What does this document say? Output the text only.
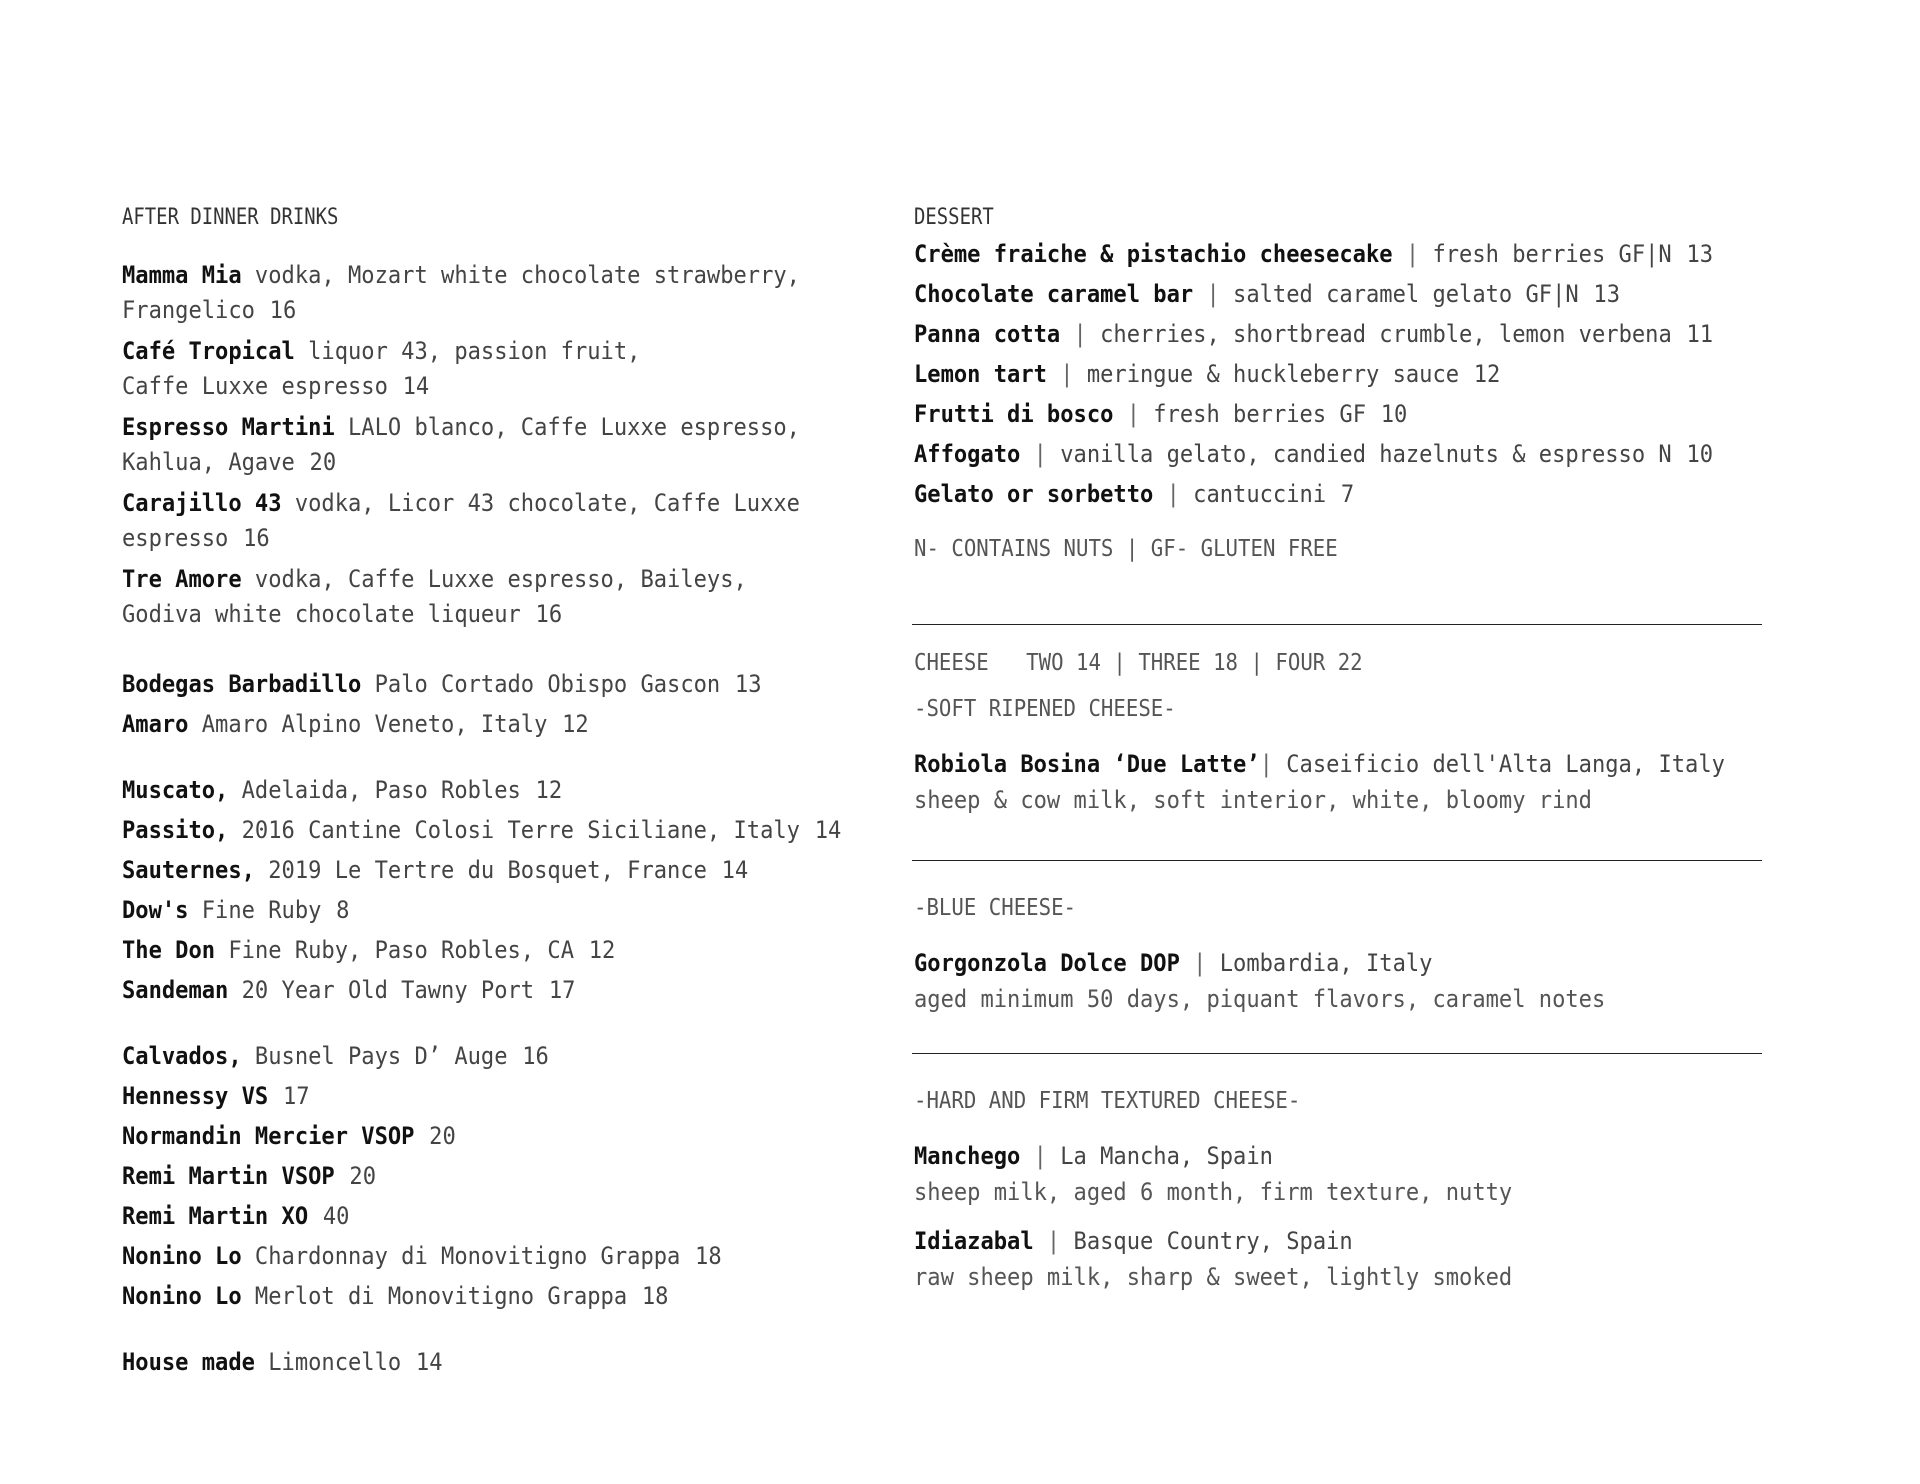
AFTER DINNER DRINKS
Mamma Mia vodka, Mozart white chocolate strawberry,
Frangelico 16
Café Tropical liquor 43, passion fruit,
Caffe Luxxe espresso 14
Espresso Martini LALO blanco, Caffe Luxxe espresso,
Kahlua, Agave 20
Carajillo 43 vodka, Licor 43 chocolate, Caffe Luxxe
espresso 16
Tre Amore vodka, Caffe Luxxe espresso, Baileys,
Godiva white chocolate liqueur 16
Bodegas Barbadillo Palo Cortado Obispo Gascon 13
Amaro Amaro Alpino Veneto, Italy 12
Muscato, Adelaida, Paso Robles 12
Passito, 2016 Cantine Colosi Terre Siciliane, Italy 14
Sauternes, 2019 Le Tertre du Bosquet, France 14
Dow's Fine Ruby 8
The Don Fine Ruby, Paso Robles, CA 12
Sandeman 20 Year Old Tawny Port 17
Calvados, Busnel Pays D’ Auge 16
Hennessy VS 17
Normandin Mercier VSOP 20
Remi Martin VSOP 20
Remi Martin XO 40
Nonino Lo Chardonnay di Monovitigno Grappa 18
Nonino Lo Merlot di Monovitigno Grappa 18
House made Limoncello 14
DESSERT
Crème fraiche & pistachio cheesecake | fresh berries GF|N 13
Chocolate caramel bar | salted caramel gelato GF|N 13
Panna cotta | cherries, shortbread crumble, lemon verbena 11
Lemon tart | meringue & huckleberry sauce 12
Frutti di bosco | fresh berries GF 10
Affogato | vanilla gelato, candied hazelnuts & espresso N 10
Gelato or sorbetto | cantuccini 7
N- CONTAINS NUTS | GF- GLUTEN FREE
CHEESE   TWO 14 | THREE 18 | FOUR 22
-SOFT RIPENED CHEESE-
Robiola Bosina ‘Due Latte’| Caseificio dell'Alta Langa, Italy
sheep & cow milk, soft interior, white, bloomy rind
-BLUE CHEESE-
Gorgonzola Dolce DOP | Lombardia, Italy
aged minimum 50 days, piquant flavors, caramel notes
-HARD AND FIRM TEXTURED CHEESE-
Manchego | La Mancha, Spain
sheep milk, aged 6 month, firm texture, nutty
Idiazabal | Basque Country, Spain
raw sheep milk, sharp & sweet, lightly smoked
